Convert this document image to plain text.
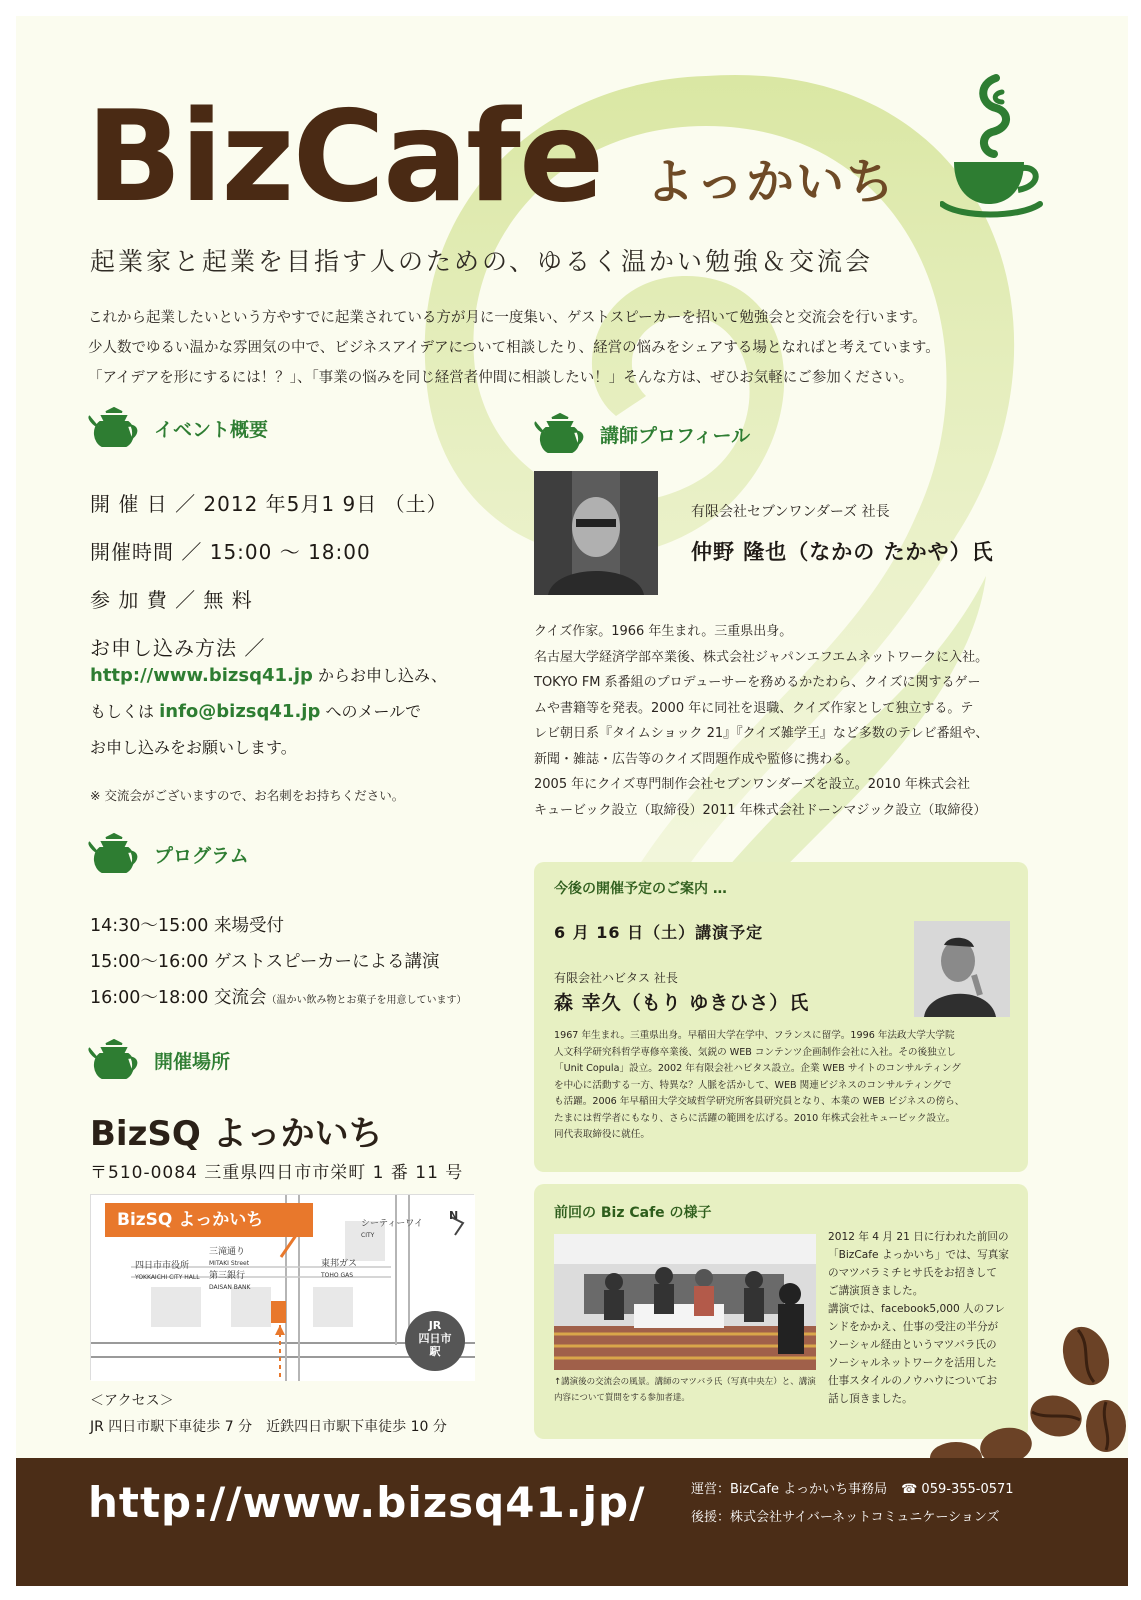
BizCafe よっかいち
起業家と起業を目指す人のための、ゆるく温かい勉強＆交流会

これから起業したいという方やすでに起業されている方が月に一度集い、ゲストスピーカーを招いて勉強会と交流会を行います。

少人数でゆるい温かな雰囲気の中で、ビジネスアイデアについて相談したり、経営の悩みをシェアする場となればと考えています。

「アイデアを形にするには！？」、「事業の悩みを同じ経営者仲間に相談したい！」そんな方は、ぜひお気軽にご参加ください。

イベント概要
開 催 日 ／ 2012 年5月1 9日 （土）
開催時間 ／ 15:00 〜 18:00
参 加 費 ／ 無 料
お申し込み方法 ／
http://www.bizsq41.jp からお申し込み、
もしくは info@bizsq41.jp へのメールで
お申し込みをお願いします。
※ 交流会がございますので、お名刺をお持ちください。
プログラム
14:30〜15:00 来場受付
15:00〜16:00 ゲストスピーカーによる講演
16:00〜18:00 交流会（温かい飲み物とお菓子を用意しています）
開催場所
BizSQ よっかいち
〒510-0084 三重県四日市市栄町 1 番 11 号
BizSQ よっかいち
四日市市役所
YOKKAICHI CITY HALL
三滝通り
MITAKI Street
第三銀行
DAISAN BANK
シーティーワイ
CITY
東邦ガス
TOHO GAS
JR
四日市
駅
N
＜アクセス＞
JR 四日市駅下車徒歩 7 分　近鉄四日市駅下車徒歩 10 分
講師プロフィール
有限会社セブンワンダーズ 社長
仲野 隆也（なかの たかや）氏

クイズ作家。1966 年生まれ。三重県出身。

名古屋大学経済学部卒業後、株式会社ジャパンエフエムネットワークに入社。

TOKYO FM 系番組のプロデューサーを務めるかたわら、クイズに関するゲー

ムや書籍等を発表。2000 年に同社を退職、クイズ作家として独立する。テ

レビ朝日系『タイムショック 21』『クイズ雑学王』など多数のテレビ番組や、

新聞・雑誌・広告等のクイズ問題作成や監修に携わる。

2005 年にクイズ専門制作会社セブンワンダーズを設立。2010 年株式会社

キュービック設立（取締役）2011 年株式会社ドーンマジック設立（取締役）

今後の開催予定のご案内 …
6 月 16 日（土）講演予定
有限会社ハビタス 社長
森 幸久（もり ゆきひさ）氏

1967 年生まれ。三重県出身。早稲田大学在学中、フランスに留学。1996 年法政大学大学院

人文科学研究科哲学専修卒業後、気鋭の WEB コンテンツ企画制作会社に入社。その後独立し

「Unit Copula」設立。2002 年有限会社ハビタス設立。企業 WEB サイトのコンサルティング

を中心に活動する一方、特異な？人脈を活かして、WEB 関連ビジネスのコンサルティングで

も活躍。2006 年早稲田大学交域哲学研究所客員研究員となり、本業の WEB ビジネスの傍ら、

たまには哲学者にもなり、さらに活躍の範囲を広げる。2010 年株式会社キュービック設立。

同代表取締役に就任。

前回の Biz Cafe の様子
↑講演後の交流会の風景。講師のマツバラ氏（写真中央左）と、講演内容について質問をする参加者達。

2012 年 4 月 21 日に行われた前回の

「BizCafe よっかいち」では、写真家

のマツバラミチヒサ氏をお招きして

ご講演頂きました。

講演では、facebook5,000 人のフレ

ンドをかかえ、仕事の受注の半分が

ソーシャル経由というマツバラ氏の

ソーシャルネットワークを活用した

仕事スタイルのノウハウについてお

話し頂きました。

http://www.bizsq41.jp/	運営：BizCafe よっかいち事務局 ☎ 059-355-0571
後援：株式会社サイバーネットコミュニケーションズ
